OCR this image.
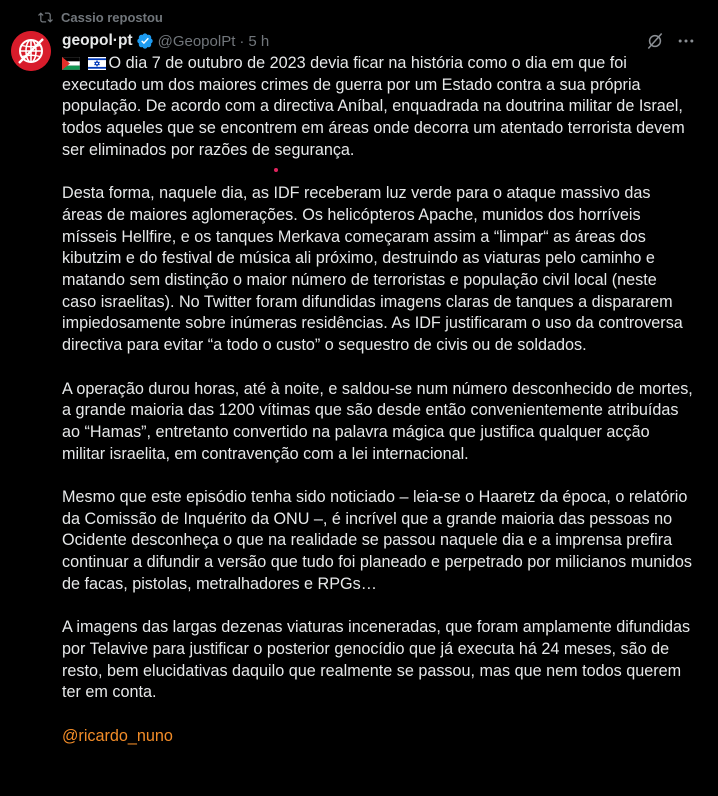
Cassio repostou
geopol·pt @GeopolPt · 5 h

O dia 7 de outubro de 2023 devia ficar na história como o dia em que foi executado um dos maiores crimes de guerra por um Estado contra a sua própria população. De acordo com a directiva Aníbal, enquadrada na doutrina militar de Israel, todos aqueles que se encontrem em áreas onde decorra um atentado terrorista devem ser eliminados por razões de segurança.

Desta forma, naquele dia, as IDF receberam luz verde para o ataque massivo das áreas de maiores aglomerações. Os helicópteros Apache, munidos dos horríveis mísseis Hellfire, e os tanques Merkava começaram assim a “limpar“ as áreas dos kibutzim e do festival de música ali próximo, destruindo as viaturas pelo caminho e matando sem distinção o maior número de terroristas e população civil local (neste caso israelitas). No Twitter foram difundidas imagens claras de tanques a dispararem impiedosamente sobre inúmeras residências. As IDF justificaram o uso da controversa directiva para evitar “a todo o custo” o sequestro de civis ou de soldados.

A operação durou horas, até à noite, e saldou-se num número desconhecido de mortes, a grande maioria das 1200 vítimas que são desde então convenientemente atribuídas ao “Hamas”, entretanto convertido na palavra mágica que justifica qualquer acção militar israelita, em contravenção com a lei internacional.

Mesmo que este episódio tenha sido noticiado – leia-se o Haaretz da época, o relatório da Comissão de Inquérito da ONU –, é incrível que a grande maioria das pessoas no Ocidente desconheça o que na realidade se passou naquele dia e a imprensa prefira continuar a difundir a versão que tudo foi planeado e perpetrado por milicianos munidos de facas, pistolas, metralhadores e RPGs…

A imagens das largas dezenas viaturas inceneradas, que foram amplamente difundidas por Telavive para justificar o posterior genocídio que já executa há 24 meses, são de resto, bem elucidativas daquilo que realmente se passou, mas que nem todos querem ter em conta.

@ricardo_nuno
